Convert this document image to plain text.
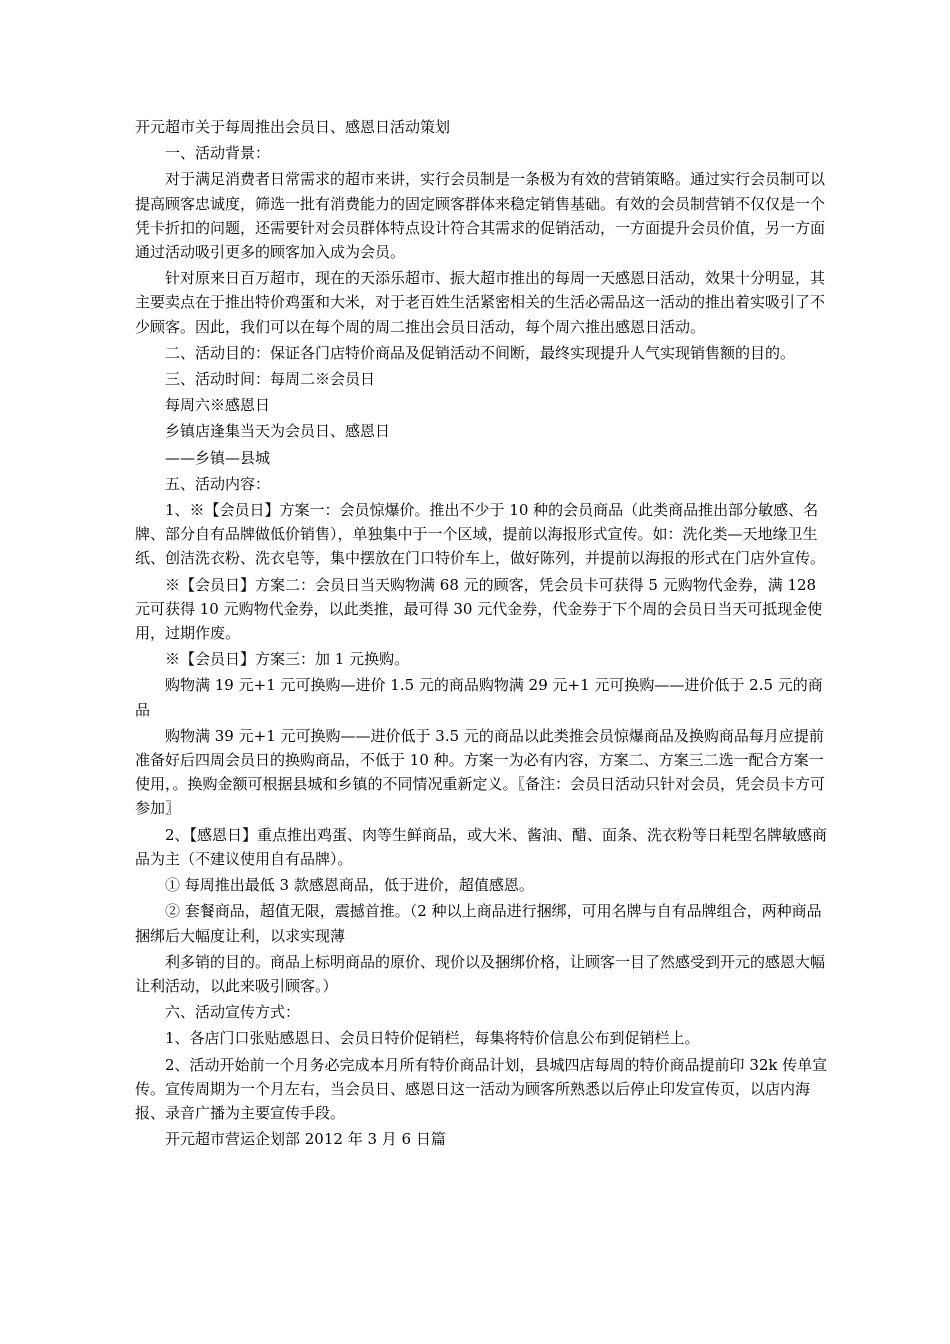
开元超市关于每周推出会员日、感恩日活动策划

一、活动背景：

对于满足消费者日常需求的超市来讲，实行会员制是一条极为有效的营销策略。通过实行会员制可以提高顾客忠诚度，筛选一批有消费能力的固定顾客群体来稳定销售基础。有效的会员制营销不仅仅是一个凭卡折扣的问题，还需要针对会员群体特点设计符合其需求的促销活动，一方面提升会员价值，另一方面通过活动吸引更多的顾客加入成为会员。

针对原来日百万超市，现在的天添乐超市、振大超市推出的每周一天感恩日活动，效果十分明显，其主要卖点在于推出特价鸡蛋和大米，对于老百姓生活紧密相关的生活必需品这一活动的推出着实吸引了不少顾客。因此，我们可以在每个周的周二推出会员日活动，每个周六推出感恩日活动。

二、活动目的：保证各门店特价商品及促销活动不间断，最终实现提升人气实现销售额的目的。

三、活动时间：每周二※会员日

每周六※感恩日

乡镇店逢集当天为会员日、感恩日

——乡镇—县城

五、活动内容：

1、※【会员日】方案一：会员惊爆价。推出不少于 10 种的会员商品（此类商品推出部分敏感、名牌、部分自有品牌做低价销售），单独集中于一个区域，提前以海报形式宣传。如：洗化类—天地缘卫生纸、创洁洗衣粉、洗衣皂等，集中摆放在门口特价车上，做好陈列，并提前以海报的形式在门店外宣传。

※【会员日】方案二：会员日当天购物满 68 元的顾客，凭会员卡可获得 5 元购物代金券，满 128 元可获得 10 元购物代金券，以此类推，最可得 30 元代金券，代金券于下个周的会员日当天可抵现金使用，过期作废。

※【会员日】方案三：加 1 元换购。

购物满 19 元+1 元可换购—进价 1.5 元的商品购物满 29 元+1 元可换购——进价低于 2.5 元的商品

购物满 39 元+1 元可换购——进价低于 3.5 元的商品以此类推会员惊爆商品及换购商品每月应提前准备好后四周会员日的换购商品，不低于 10 种。方案一为必有内容，方案二、方案三二选一配合方案一使用，。换购金额可根据县城和乡镇的不同情况重新定义。〖备注：会员日活动只针对会员，凭会员卡方可参加〗

2、【感恩日】重点推出鸡蛋、肉等生鲜商品，或大米、酱油、醋、面条、洗衣粉等日耗型名牌敏感商品为主（不建议使用自有品牌）。

① 每周推出最低 3 款感恩商品，低于进价，超值感恩。

② 套餐商品，超值无限，震撼首推。（2 种以上商品进行捆绑，可用名牌与自有品牌组合，两种商品捆绑后大幅度让利，以求实现薄

利多销的目的。商品上标明商品的原价、现价以及捆绑价格，让顾客一目了然感受到开元的感恩大幅让利活动，以此来吸引顾客。）

六、活动宣传方式：

1、各店门口张贴感恩日、会员日特价促销栏，每集将特价信息公布到促销栏上。

2、活动开始前一个月务必完成本月所有特价商品计划，县城四店每周的特价商品提前印 32k 传单宣传。宣传周期为一个月左右，当会员日、感恩日这一活动为顾客所熟悉以后停止印发宣传页，以店内海报、录音广播为主要宣传手段。

开元超市营运企划部 2012 年 3 月 6 日篇
